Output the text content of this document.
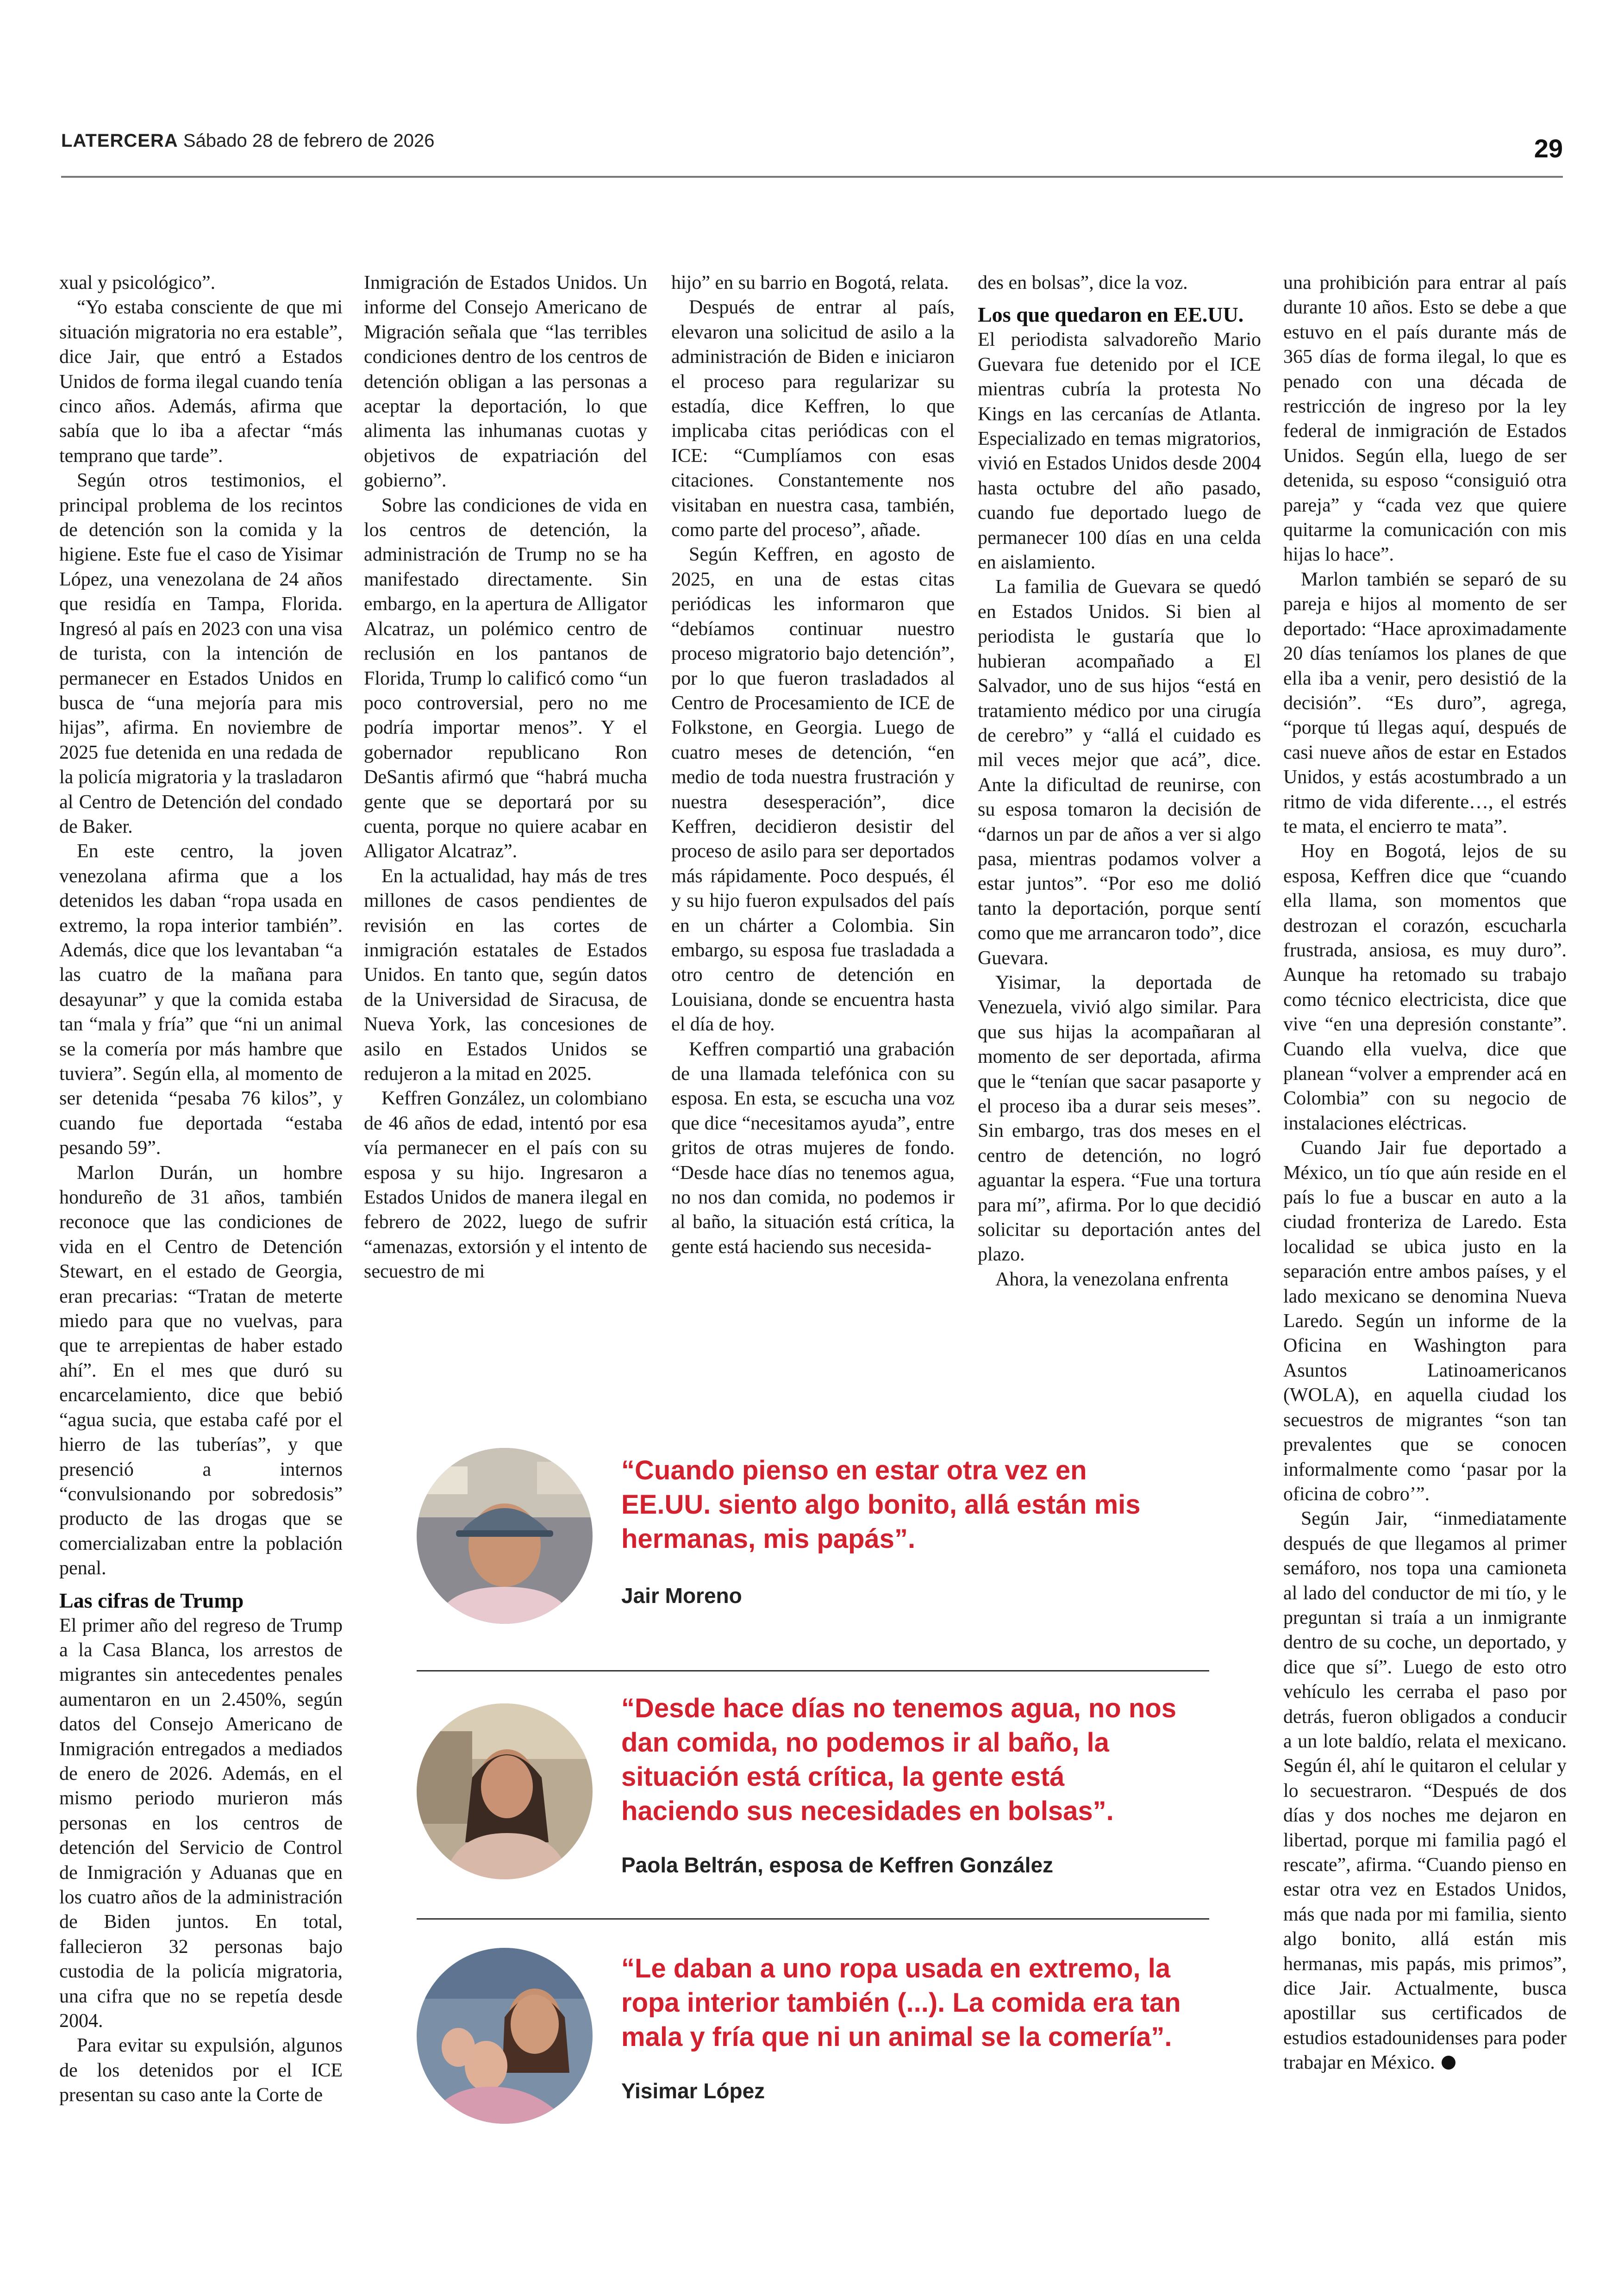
LATERCERA Sábado 28 de febrero de 2026	29

xual y psicológico”.

“Yo estaba consciente de que mi situación migratoria no era estable”, dice Jair, que entró a Estados Unidos de forma ilegal cuando tenía cinco años. Además, afirma que sabía que lo iba a afectar “más temprano que tarde”.

Según otros testimonios, el principal problema de los recintos de detención son la comida y la higiene. Este fue el caso de Yisimar López, una venezolana de 24 años que residía en Tampa, Florida. Ingresó al país en 2023 con una visa de turista, con la intención de permanecer en Estados Unidos en busca de “una mejoría para mis hijas”, afirma. En noviembre de 2025 fue detenida en una redada de la policía migratoria y la trasladaron al Centro de Detención del condado de Baker.

En este centro, la joven venezolana afirma que a los detenidos les daban “ropa usada en extremo, la ropa interior también”. Además, dice que los levantaban “a las cuatro de la mañana para desayunar” y que la comida estaba tan “mala y fría” que “ni un animal se la comería por más hambre que tuviera”. Según ella, al momento de ser detenida “pesaba 76 kilos”, y cuando fue deportada “estaba pesando 59”.

Marlon Durán, un hombre hondureño de 31 años, también reconoce que las condiciones de vida en el Centro de Detención Stewart, en el estado de Georgia, eran precarias: “Tratan de meterte miedo para que no vuelvas, para que te arrepientas de haber estado ahí”. En el mes que duró su encarcelamiento, dice que bebió “agua sucia, que estaba café por el hierro de las tuberías”, y que presenció a internos “convulsionando por sobredosis” producto de las drogas que se comercializaban entre la población penal.

Las cifras de Trump

El primer año del regreso de Trump a la Casa Blanca, los arrestos de migrantes sin antecedentes penales aumentaron en un 2.450%, según datos del Consejo Americano de Inmigración entregados a mediados de enero de 2026. Además, en el mismo periodo murieron más personas en los centros de detención del Servicio de Control de Inmigración y Aduanas que en los cuatro años de la administración de Biden juntos. En total, fallecieron 32 personas bajo custodia de la policía migratoria, una cifra que no se repetía desde 2004.

Para evitar su expulsión, algunos de los detenidos por el ICE presentan su caso ante la Corte de

Inmigración de Estados Unidos. Un informe del Consejo Americano de Migración señala que “las terribles condiciones dentro de los centros de detención obligan a las personas a aceptar la deportación, lo que alimenta las inhumanas cuotas y objetivos de expatriación del gobierno”.

Sobre las condiciones de vida en los centros de detención, la administración de Trump no se ha manifestado directamente. Sin embargo, en la apertura de Alligator Alcatraz, un polémico centro de reclusión en los pantanos de Florida, Trump lo calificó como “un poco controversial, pero no me podría importar menos”. Y el gobernador republicano Ron DeSantis afirmó que “habrá mucha gente que se deportará por su cuenta, porque no quiere acabar en Alligator Alcatraz”.

En la actualidad, hay más de tres millones de casos pendientes de revisión en las cortes de inmigración estatales de Estados Unidos. En tanto que, según datos de la Universidad de Siracusa, de Nueva York, las concesiones de asilo en Estados Unidos se redujeron a la mitad en 2025.

Keffren González, un colombiano de 46 años de edad, intentó por esa vía permanecer en el país con su esposa y su hijo. Ingresaron a Estados Unidos de manera ilegal en febrero de 2022, luego de sufrir “amenazas, extorsión y el intento de secuestro de mi

hijo” en su barrio en Bogotá, relata.

Después de entrar al país, elevaron una solicitud de asilo a la administración de Biden e iniciaron el proceso para regularizar su estadía, dice Keffren, lo que implicaba citas periódicas con el ICE: “Cumplíamos con esas citaciones. Constantemente nos visitaban en nuestra casa, también, como parte del proceso”, añade.

Según Keffren, en agosto de 2025, en una de estas citas periódicas les informaron que “debíamos continuar nuestro proceso migratorio bajo detención”, por lo que fueron trasladados al Centro de Procesamiento de ICE de Folkstone, en Georgia. Luego de cuatro meses de detención, “en medio de toda nuestra frustración y nuestra desesperación”, dice Keffren, decidieron desistir del proceso de asilo para ser deportados más rápidamente. Poco después, él y su hijo fueron expulsados del país en un chárter a Colombia. Sin embargo, su esposa fue trasladada a otro centro de detención en Louisiana, donde se encuentra hasta el día de hoy.

Keffren compartió una grabación de una llamada telefónica con su esposa. En esta, se escucha una voz que dice “necesitamos ayuda”, entre gritos de otras mujeres de fondo. “Desde hace días no tenemos agua, no nos dan comida, no podemos ir al baño, la situación está crítica, la gente está haciendo sus necesida-

des en bolsas”, dice la voz.

Los que quedaron en EE.UU.

El periodista salvadoreño Mario Guevara fue detenido por el ICE mientras cubría la protesta No Kings en las cercanías de Atlanta. Especializado en temas migratorios, vivió en Estados Unidos desde 2004 hasta octubre del año pasado, cuando fue deportado luego de permanecer 100 días en una celda en aislamiento.

La familia de Guevara se quedó en Estados Unidos. Si bien al periodista le gustaría que lo hubieran acompañado a El Salvador, uno de sus hijos “está en tratamiento médico por una cirugía de cerebro” y “allá el cuidado es mil veces mejor que acá”, dice. Ante la dificultad de reunirse, con su esposa tomaron la decisión de “darnos un par de años a ver si algo pasa, mientras podamos volver a estar juntos”. “Por eso me dolió tanto la deportación, porque sentí como que me arrancaron todo”, dice Guevara.

Yisimar, la deportada de Venezuela, vivió algo similar. Para que sus hijas la acompañaran al momento de ser deportada, afirma que le “tenían que sacar pasaporte y el proceso iba a durar seis meses”. Sin embargo, tras dos meses en el centro de detención, no logró aguantar la espera. “Fue una tortura para mí”, afirma. Por lo que decidió solicitar su deportación antes del plazo.

Ahora, la venezolana enfrenta

una prohibición para entrar al país durante 10 años. Esto se debe a que estuvo en el país durante más de 365 días de forma ilegal, lo que es penado con una década de restricción de ingreso por la ley federal de inmigración de Estados Unidos. Según ella, luego de ser detenida, su esposo “consiguió otra pareja” y “cada vez que quiere quitarme la comunicación con mis hijas lo hace”.

Marlon también se separó de su pareja e hijos al momento de ser deportado: “Hace aproximadamente 20 días teníamos los planes de que ella iba a venir, pero desistió de la decisión”. “Es duro”, agrega, “porque tú llegas aquí, después de casi nueve años de estar en Estados Unidos, y estás acostumbrado a un ritmo de vida diferente…, el estrés te mata, el encierro te mata”.

Hoy en Bogotá, lejos de su esposa, Keffren dice que “cuando ella llama, son momentos que destrozan el corazón, escucharla frustrada, ansiosa, es muy duro”. Aunque ha retomado su trabajo como técnico electricista, dice que vive “en una depresión constante”. Cuando ella vuelva, dice que planean “volver a emprender acá en Colombia” con su negocio de instalaciones eléctricas.

Cuando Jair fue deportado a México, un tío que aún reside en el país lo fue a buscar en auto a la ciudad fronteriza de Laredo. Esta localidad se ubica justo en la separación entre ambos países, y el lado mexicano se denomina Nueva Laredo. Según un informe de la Oficina en Washington para Asuntos Latinoamericanos (WOLA), en aquella ciudad los secuestros de migrantes “son tan prevalentes que se conocen informalmente como ‘pasar por la oficina de cobro’”.

Según Jair, “inmediatamente después de que llegamos al primer semáforo, nos topa una camioneta al lado del conductor de mi tío, y le preguntan si traía a un inmigrante dentro de su coche, un deportado, y dice que sí”. Luego de esto otro vehículo les cerraba el paso por detrás, fueron obligados a conducir a un lote baldío, relata el mexicano. Según él, ahí le quitaron el celular y lo secuestraron. “Después de dos días y dos noches me dejaron en libertad, porque mi familia pagó el rescate”, afirma. “Cuando pienso en estar otra vez en Estados Unidos, más que nada por mi familia, siento algo bonito, allá están mis hermanas, mis papás, mis primos”, dice Jair. Actualmente, busca apostillar sus certificados de estudios estadounidenses para poder trabajar en México.

“Cuando pienso en estar otra vez en EE.UU. siento algo bonito, allá están mis hermanas, mis papás”.
Jair Moreno
“Desde hace días no tenemos agua, no nos dan comida, no podemos ir al baño, la situación está crítica, la gente está haciendo sus necesidades en bolsas”.
Paola Beltrán, esposa de Keffren González
“Le daban a uno ropa usada en extremo, la ropa interior también (...). La comida era tan mala y fría que ni un animal se la comería”.
Yisimar López
